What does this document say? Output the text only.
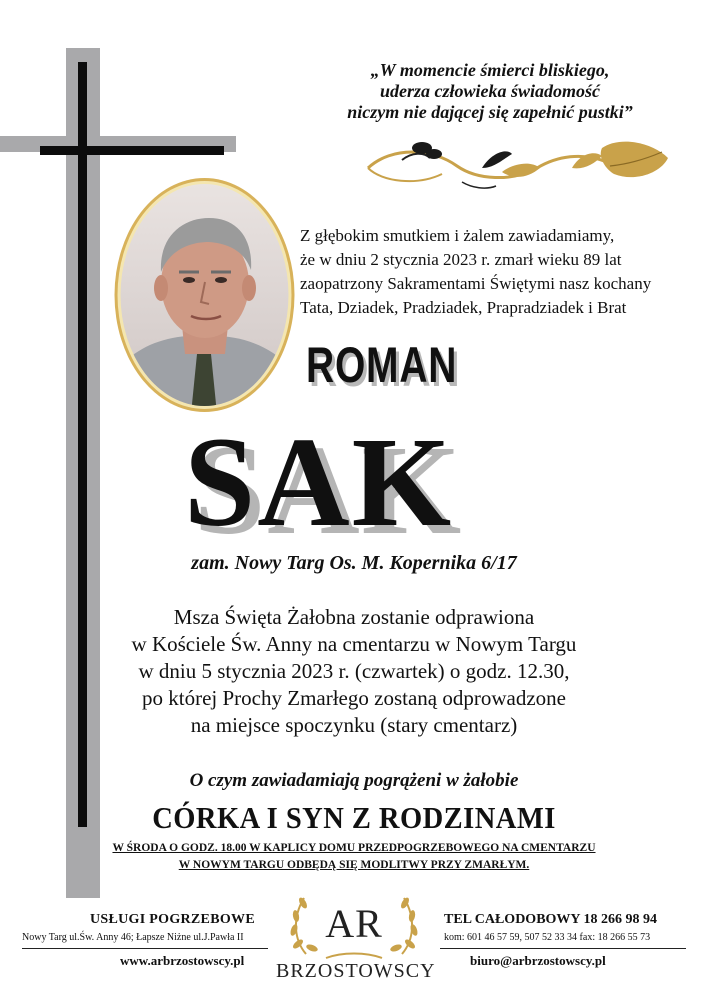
„W momencie śmierci bliskiego,
uderza człowieka świadomość
niczym nie dającej się zapełnić pustki”
Z głębokim smutkiem i żalem zawiadamiamy,
że w dniu 2 stycznia 2023 r. zmarł wieku 89 lat
zaopatrzony Sakramentami Świętymi nasz kochany
Tata, Dziadek, Pradziadek, Prapradziadek i Brat
ROMAN
SAK
zam. Nowy Targ Os. M. Kopernika 6/17
Msza Święta Żałobna zostanie odprawiona
w Kościele Św. Anny na cmentarzu w Nowym Targu
w dniu 5 stycznia 2023 r. (czwartek) o godz. 12.30,
po której Prochy Zmarłego zostaną odprowadzone
na miejsce spoczynku (stary cmentarz)
O czym zawiadamiają pogrążeni w żałobie
CÓRKA I SYN Z RODZINAMI
W ŚRODA O GODZ. 18.00 W KAPLICY DOMU PRZEDPOGRZEBOWEGO NA CMENTARZU
W NOWYM TARGU ODBĘDĄ SIĘ MODLITWY PRZY ZMARŁYM.
USŁUGI POGRZEBOWE
Nowy Targ ul.Św. Anny 46; Łapsze Niżne ul.J.Pawła II
www.arbrzostowscy.pl
AR
BRZOSTOWSCY
TEL CAŁODOBOWY 18 266 98 94
kom: 601 46 57 59, 507 52 33 34 fax: 18 266 55 73
biuro@arbrzostowscy.pl
